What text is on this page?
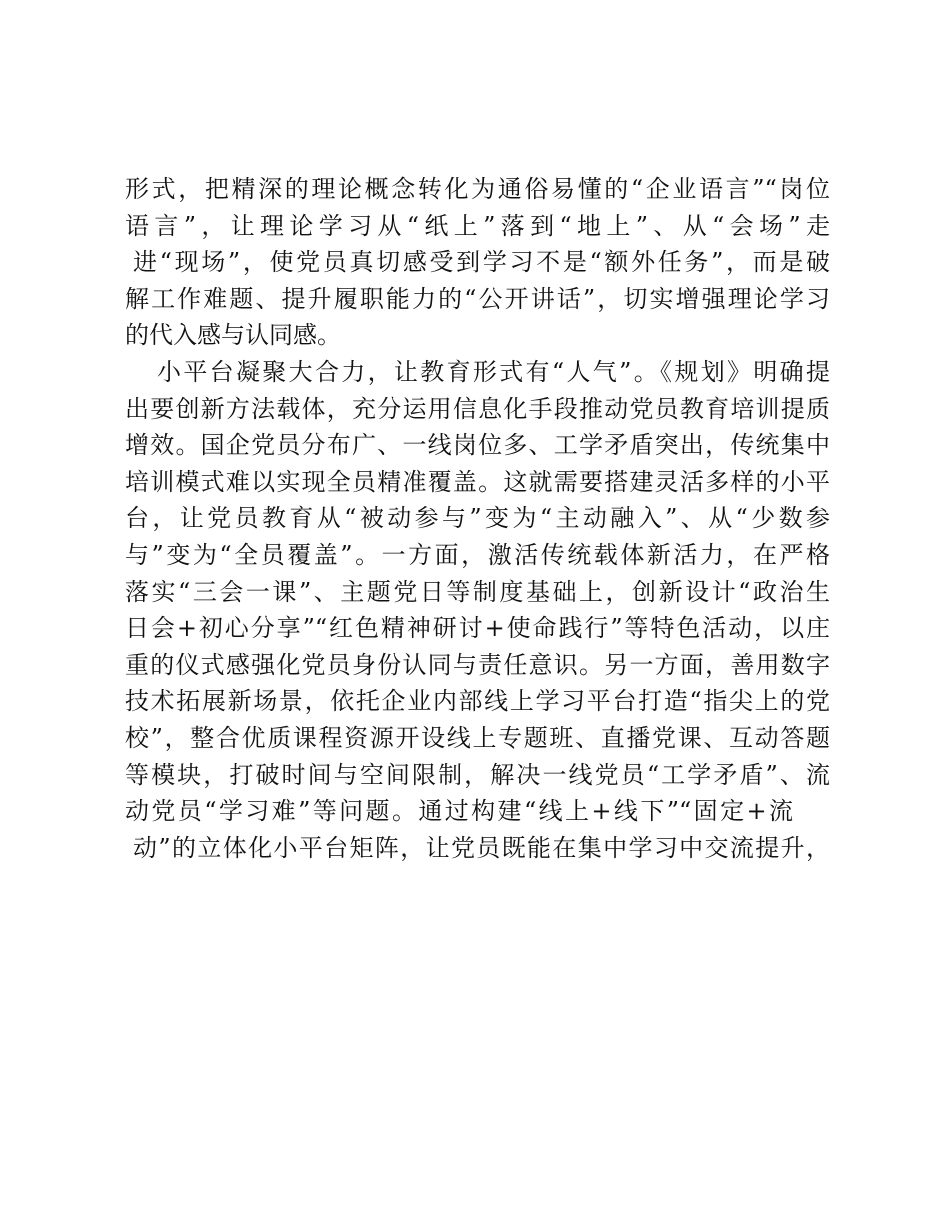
形式，把精深的理论概念转化为通俗易懂的“企业语言”“岗位
语言”，让理论学习从“纸上”落到“地上”、从“会场”走
进“现场”，使党员真切感受到学习不是“额外任务”，而是破
解工作难题、提升履职能力的“公开讲话”，切实增强理论学习
的代入感与认同感。
小平台凝聚大合力，让教育形式有“人气”。《规划》明确提
出要创新方法载体，充分运用信息化手段推动党员教育培训提质
增效。国企党员分布广、一线岗位多、工学矛盾突出，传统集中
培训模式难以实现全员精准覆盖。这就需要搭建灵活多样的小平
台，让党员教育从“被动参与”变为“主动融入”、从“少数参
与”变为“全员覆盖”。一方面，激活传统载体新活力，在严格
落实“三会一课”、主题党日等制度基础上，创新设计“政治生
日会+初心分享”“红色精神研讨+使命践行”等特色活动，以庄
重的仪式感强化党员身份认同与责任意识。另一方面，善用数字
技术拓展新场景，依托企业内部线上学习平台打造“指尖上的党
校”，整合优质课程资源开设线上专题班、直播党课、互动答题
等模块，打破时间与空间限制，解决一线党员“工学矛盾”、流
动党员“学习难”等问题。通过构建“线上+线下”“固定+流
动”的立体化小平台矩阵，让党员既能在集中学习中交流提升，
